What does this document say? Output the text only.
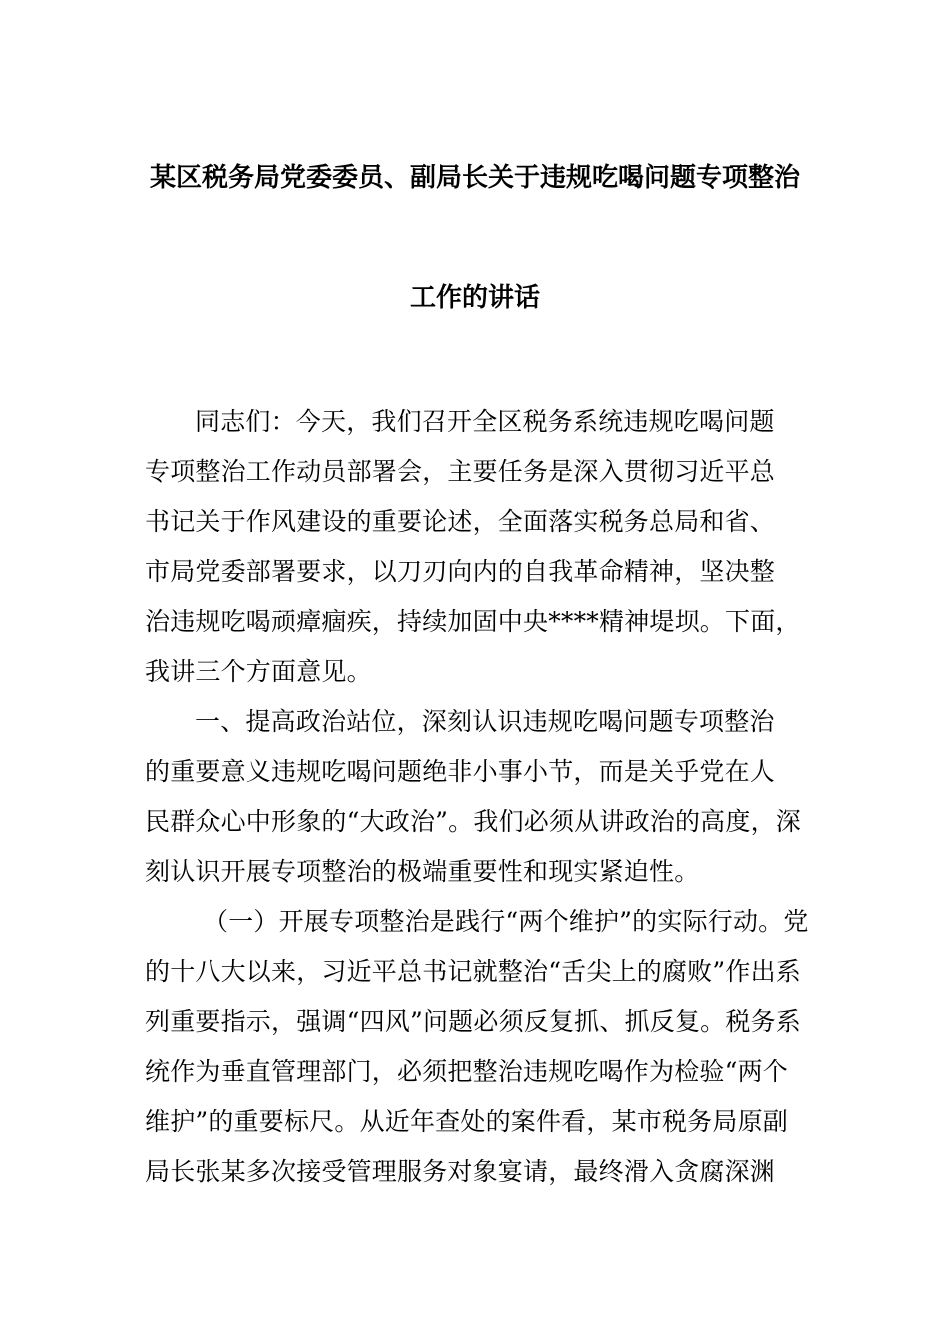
某区税务局党委委员、副局长关于违规吃喝问题专项整治
工作的讲话
同志们：今天，我们召开全区税务系统违规吃喝问题
专项整治工作动员部署会，主要任务是深入贯彻习近平总
书记关于作风建设的重要论述，全面落实税务总局和省、
市局党委部署要求，以刀刃向内的自我革命精神，坚决整
治违规吃喝顽瘴痼疾，持续加固中央****精神堤坝。下面，
我讲三个方面意见。
一、提高政治站位，深刻认识违规吃喝问题专项整治
的重要意义违规吃喝问题绝非小事小节，而是关乎党在人
民群众心中形象的“大政治”。我们必须从讲政治的高度，深
刻认识开展专项整治的极端重要性和现实紧迫性。
（一）开展专项整治是践行“两个维护”的实际行动。党
的十八大以来，习近平总书记就整治“舌尖上的腐败”作出系
列重要指示，强调“四风”问题必须反复抓、抓反复。税务系
统作为垂直管理部门，必须把整治违规吃喝作为检验“两个
维护”的重要标尺。从近年查处的案件看，某市税务局原副
局长张某多次接受管理服务对象宴请，最终滑入贪腐深渊
